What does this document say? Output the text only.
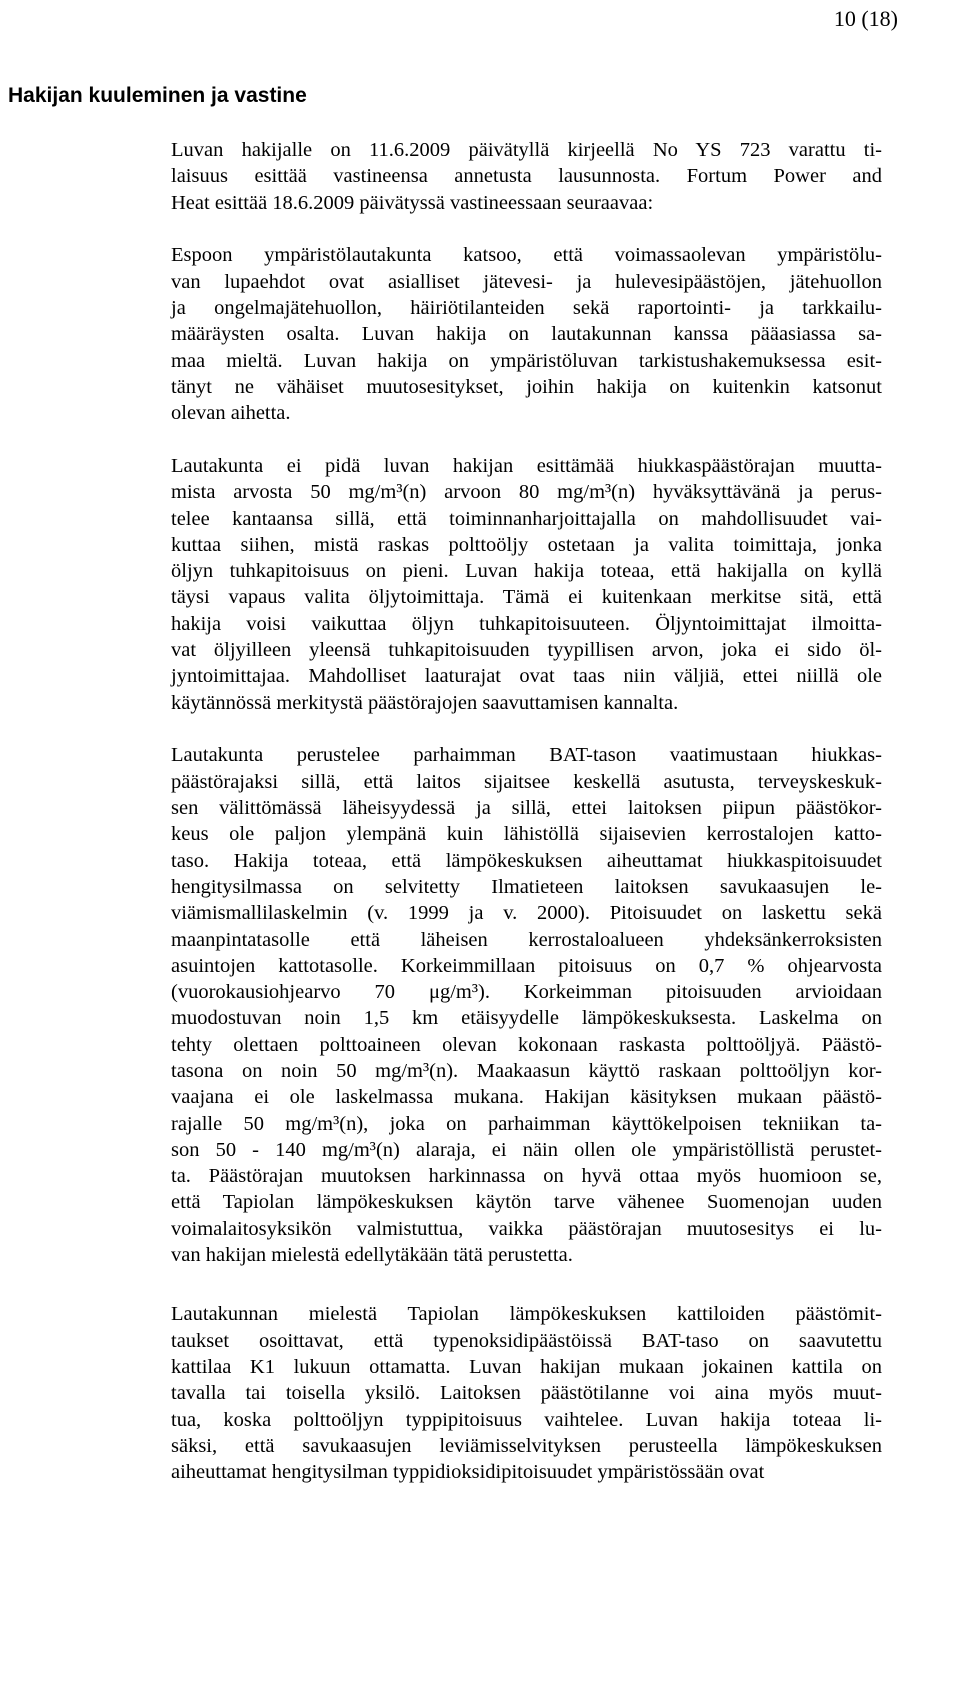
10 (18)
Hakijan kuuleminen ja vastine
Luvan hakijalle on 11.6.2009 päivätyllä kirjeellä No YS 723 varattu ti-
laisuus esittää vastineensa annetusta lausunnosta. Fortum Power and
Heat esittää 18.6.2009 päivätyssä vastineessaan seuraavaa:
Espoon ympäristölautakunta katsoo, että voimassaolevan ympäristölu-
van lupaehdot ovat asialliset jätevesi- ja hulevesipäästöjen, jätehuollon
ja ongelmajätehuollon, häiriötilanteiden sekä raportointi- ja tarkkailu-
määräysten osalta. Luvan hakija on lautakunnan kanssa pääasiassa sa-
maa mieltä. Luvan hakija on ympäristöluvan tarkistushakemuksessa esit-
tänyt ne vähäiset muutosesitykset, joihin hakija on kuitenkin katsonut
olevan aihetta.
Lautakunta ei pidä luvan hakijan esittämää hiukkaspäästörajan muutta-
mista arvosta 50 mg/m³(n) arvoon 80 mg/m³(n) hyväksyttävänä ja perus-
telee kantaansa sillä, että toiminnanharjoittajalla on mahdollisuudet vai-
kuttaa siihen, mistä raskas polttoöljy ostetaan ja valita toimittaja, jonka
öljyn tuhkapitoisuus on pieni. Luvan hakija toteaa, että hakijalla on kyllä
täysi vapaus valita öljytoimittaja. Tämä ei kuitenkaan merkitse sitä, että
hakija voisi vaikuttaa öljyn tuhkapitoisuuteen. Öljyntoimittajat ilmoitta-
vat öljyilleen yleensä tuhkapitoisuuden tyypillisen arvon, joka ei sido öl-
jyntoimittajaa. Mahdolliset laaturajat ovat taas niin väljiä, ettei niillä ole
käytännössä merkitystä päästörajojen saavuttamisen kannalta.
Lautakunta perustelee parhaimman BAT-tason vaatimustaan hiukkas-
päästörajaksi sillä, että laitos sijaitsee keskellä asutusta, terveyskeskuk-
sen välittömässä läheisyydessä ja sillä, ettei laitoksen piipun päästökor-
keus ole paljon ylempänä kuin lähistöllä sijaisevien kerrostalojen katto-
taso. Hakija toteaa, että lämpökeskuksen aiheuttamat hiukkaspitoisuudet
hengitysilmassa on selvitetty Ilmatieteen laitoksen savukaasujen le-
viämismallilaskelmin (v. 1999 ja v. 2000). Pitoisuudet on laskettu sekä
maanpintatasolle että läheisen kerrostaloalueen yhdeksänkerroksisten
asuintojen kattotasolle. Korkeimmillaan pitoisuus on 0,7 % ohjearvosta
(vuorokausiohjearvo 70 μg/m³). Korkeimman pitoisuuden arvioidaan
muodostuvan noin 1,5 km etäisyydelle lämpökeskuksesta. Laskelma on
tehty olettaen polttoaineen olevan kokonaan raskasta polttoöljyä. Päästö-
tasona on noin 50 mg/m³(n). Maakaasun käyttö raskaan polttoöljyn kor-
vaajana ei ole laskelmassa mukana. Hakijan käsityksen mukaan päästö-
rajalle 50 mg/m³(n), joka on parhaimman käyttökelpoisen tekniikan ta-
son 50 - 140 mg/m³(n) alaraja, ei näin ollen ole ympäristöllistä perustet-
ta. Päästörajan muutoksen harkinnassa on hyvä ottaa myös huomioon se,
että Tapiolan lämpökeskuksen käytön tarve vähenee Suomenojan uuden
voimalaitosyksikön valmistuttua, vaikka päästörajan muutosesitys ei lu-
van hakijan mielestä edellytäkään tätä perustetta.
Lautakunnan mielestä Tapiolan lämpökeskuksen kattiloiden päästömit-
taukset osoittavat, että typenoksidipäästöissä BAT-taso on saavutettu
kattilaa K1 lukuun ottamatta. Luvan hakijan mukaan jokainen kattila on
tavalla tai toisella yksilö. Laitoksen päästötilanne voi aina myös muut-
tua, koska polttoöljyn typpipitoisuus vaihtelee. Luvan hakija toteaa li-
säksi, että savukaasujen leviämisselvityksen perusteella lämpökeskuksen
aiheuttamat hengitysilman typpidioksidipitoisuudet ympäristössään ovat
